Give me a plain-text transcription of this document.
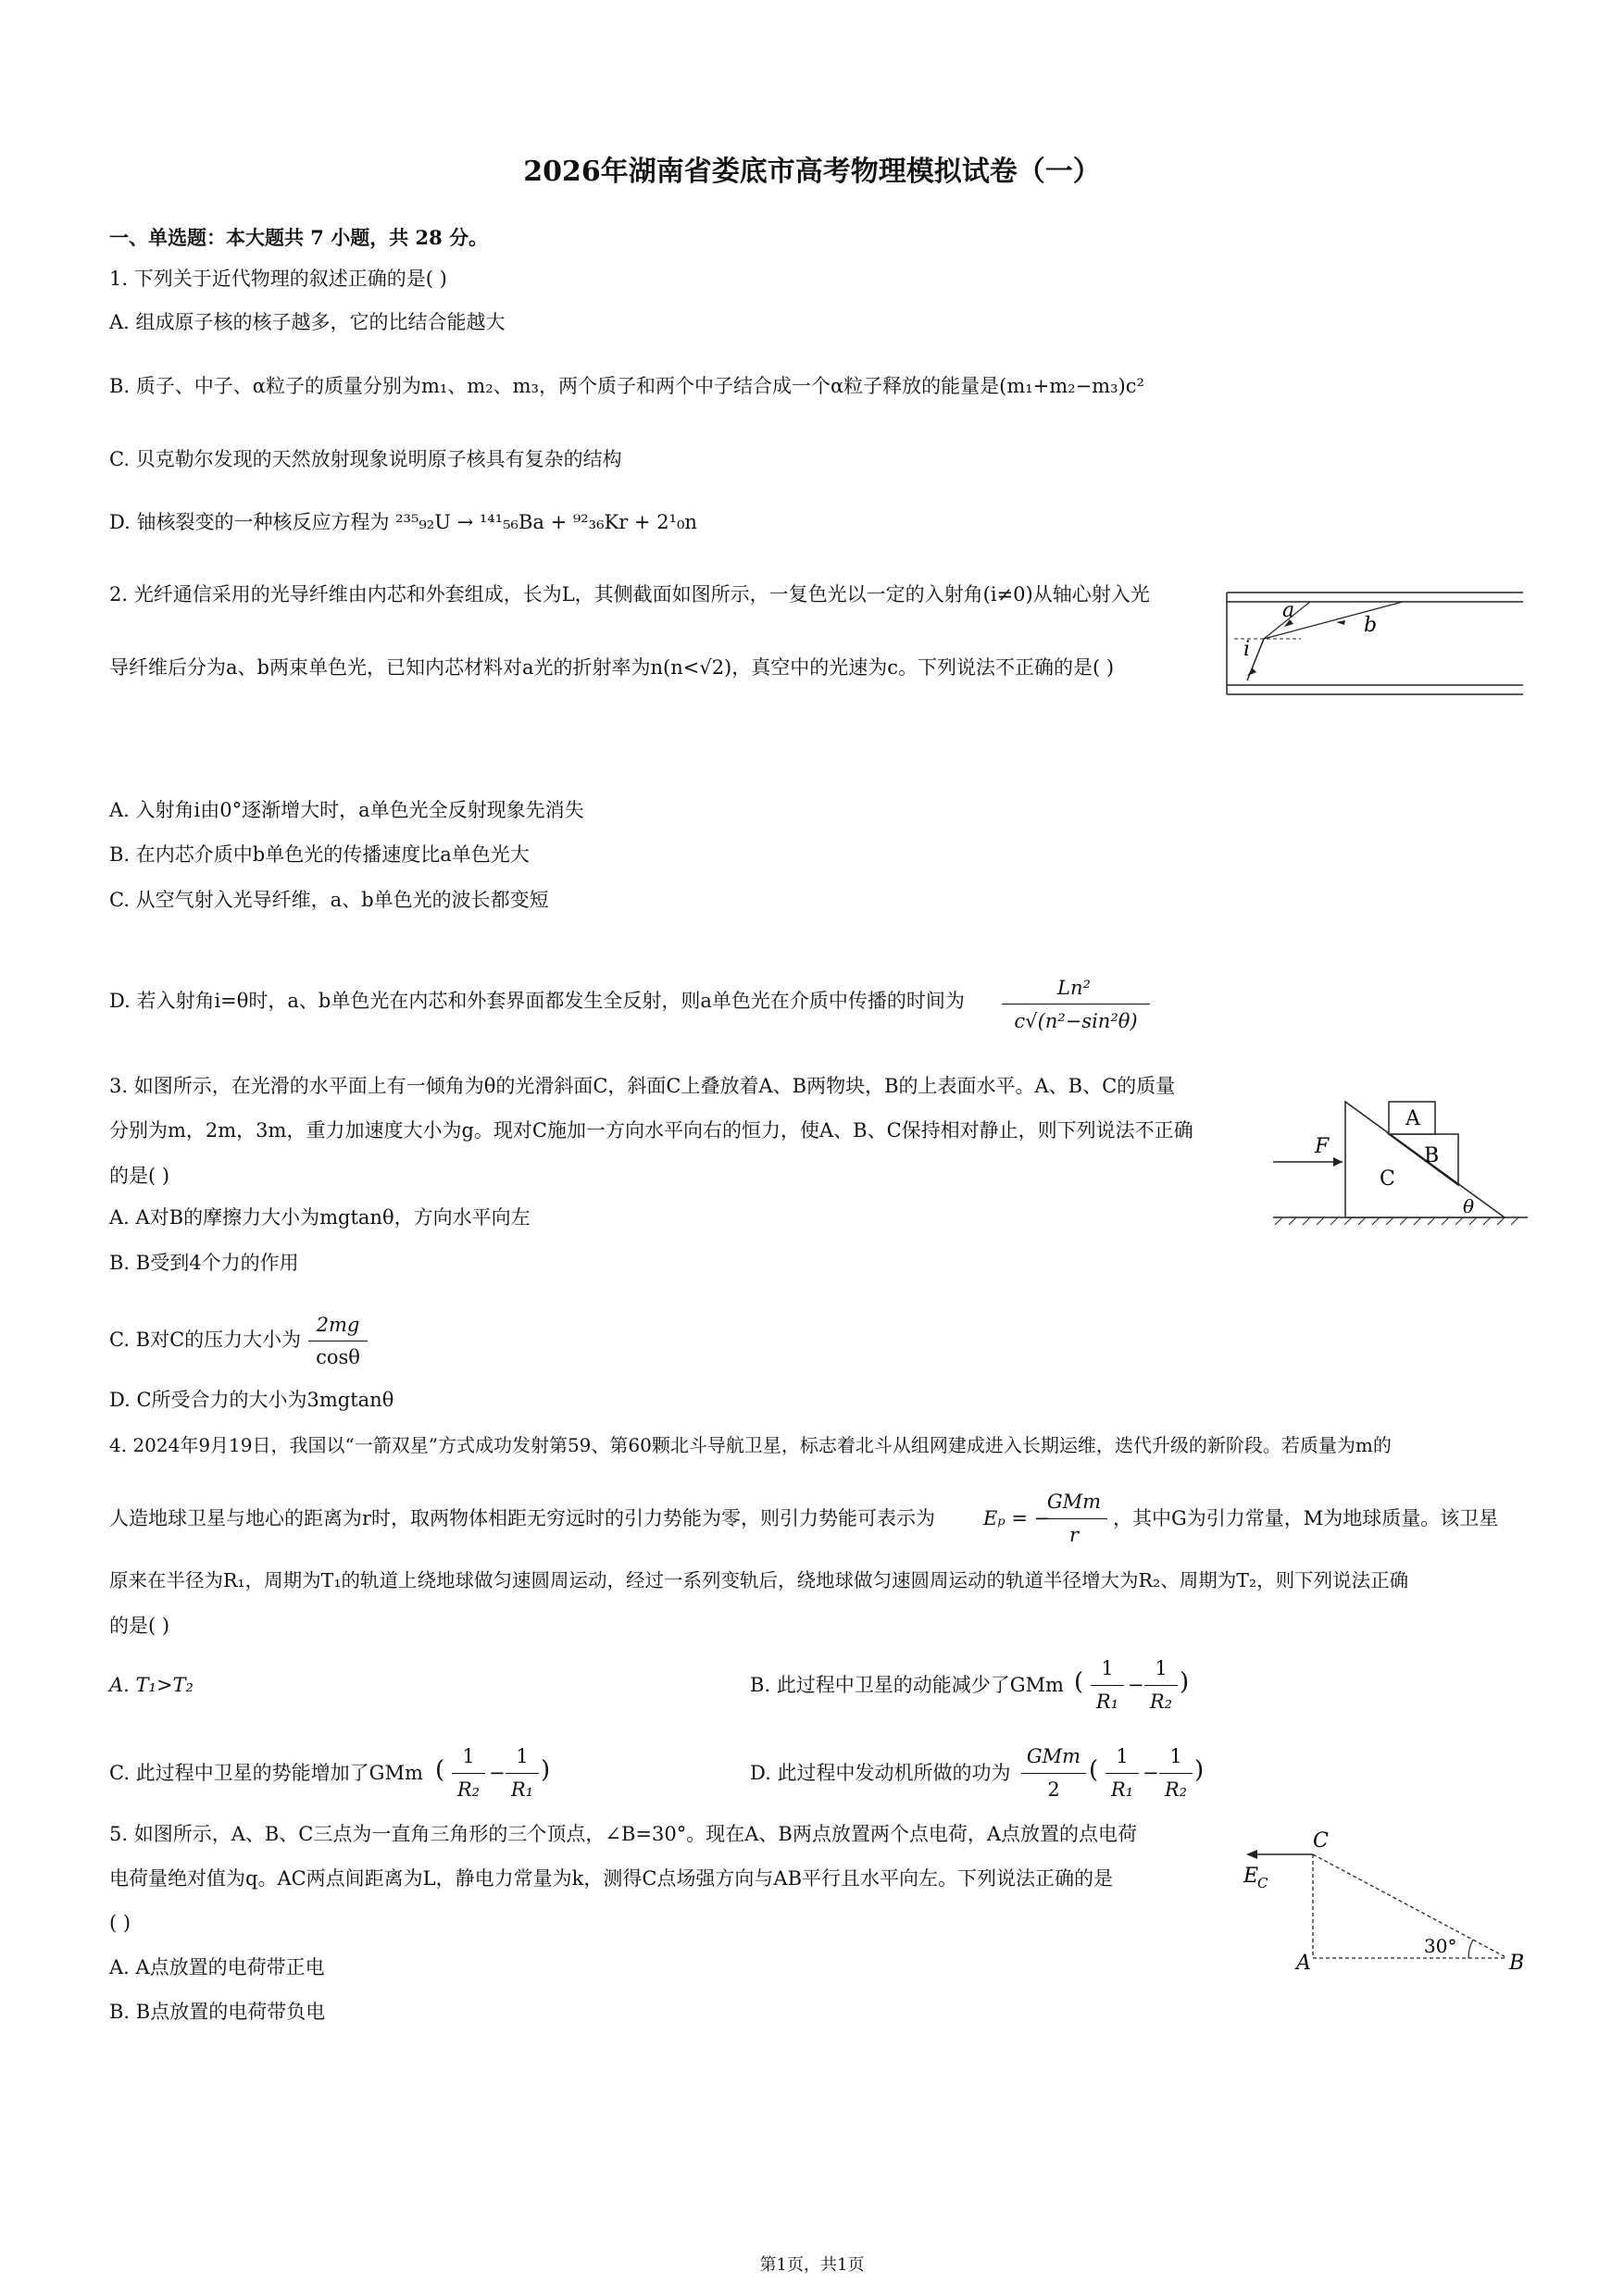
2026年湖南省娄底市高考物理模拟试卷（一）
一、单选题：本大题共 7 小题，共 28 分。
1. 下列关于近代物理的叙述正确的是( )
A. 组成原子核的核子越多，它的比结合能越大
B. 质子、中子、α粒子的质量分别为m₁、m₂、m₃，两个质子和两个中子结合成一个α粒子释放的能量是(m₁+m₂−m₃)c²
C. 贝克勒尔发现的天然放射现象说明原子核具有复杂的结构
D. 铀核裂变的一种核反应方程为 ²³⁵₉₂U → ¹⁴¹₅₆Ba + ⁹²₃₆Kr + 2¹₀n
2. 光纤通信采用的光导纤维由内芯和外套组成，长为L，其侧截面如图所示，一复色光以一定的入射角(i≠0)从轴心射入光
导纤维后分为a、b两束单色光，已知内芯材料对a光的折射率为n(n<√2)，真空中的光速为c。下列说法不正确的是( )
a
b
i
A. 入射角i由0°逐渐增大时，a单色光全反射现象先消失
B. 在内芯介质中b单色光的传播速度比a单色光大
C. 从空气射入光导纤维，a、b单色光的波长都变短
D. 若入射角i=θ时，a、b单色光在内芯和外套界面都发生全反射，则a单色光在介质中传播的时间为
Ln²
c√(n²−sin²θ)
3. 如图所示，在光滑的水平面上有一倾角为θ的光滑斜面C，斜面C上叠放着A、B两物块，B的上表面水平。A、B、C的质量
分别为m，2m，3m，重力加速度大小为g。现对C施加一方向水平向右的恒力，使A、B、C保持相对静止，则下列说法不正确
的是( )
A
B
C
F
θ
A. A对B的摩擦力大小为mgtanθ，方向水平向左
B. B受到4个力的作用
C. B对C的压力大小为
2mg
cosθ
D. C所受合力的大小为3mgtanθ
4. 2024年9月19日，我国以“一箭双星”方式成功发射第59、第60颗北斗导航卫星，标志着北斗从组网建成进入长期运维，迭代升级的新阶段。若质量为m的
人造地球卫星与地心的距离为r时，取两物体相距无穷远时的引力势能为零，则引力势能可表示为 Eₚ = −
GMm
r
，其中G为引力常量，M为地球质量。该卫星
原来在半径为R₁，周期为T₁的轨道上绕地球做匀速圆周运动，经过一系列变轨后，绕地球做匀速圆周运动的轨道半径增大为R₂、周期为T₂，则下列说法正确
的是( )
A. T₁>T₂	B. 此过程中卫星的动能减少了GMm ( 1
R₁
−
1
R₂
)
C. 此过程中卫星的势能增加了GMm ( 1
R₂
−
1
R₁
)	D. 此过程中发动机所做的功为
GMm
2
( 1
R₁
−
1
R₂
)
5. 如图所示，A、B、C三点为一直角三角形的三个顶点，∠B=30°。现在A、B两点放置两个点电荷，A点放置的点电荷
电荷量绝对值为q。AC两点间距离为L，静电力常量为k，测得C点场强方向与AB平行且水平向左。下列说法正确的是
( )
C
A	B
30°
E
C
A. A点放置的电荷带正电
B. B点放置的电荷带负电
第1页，共1页
